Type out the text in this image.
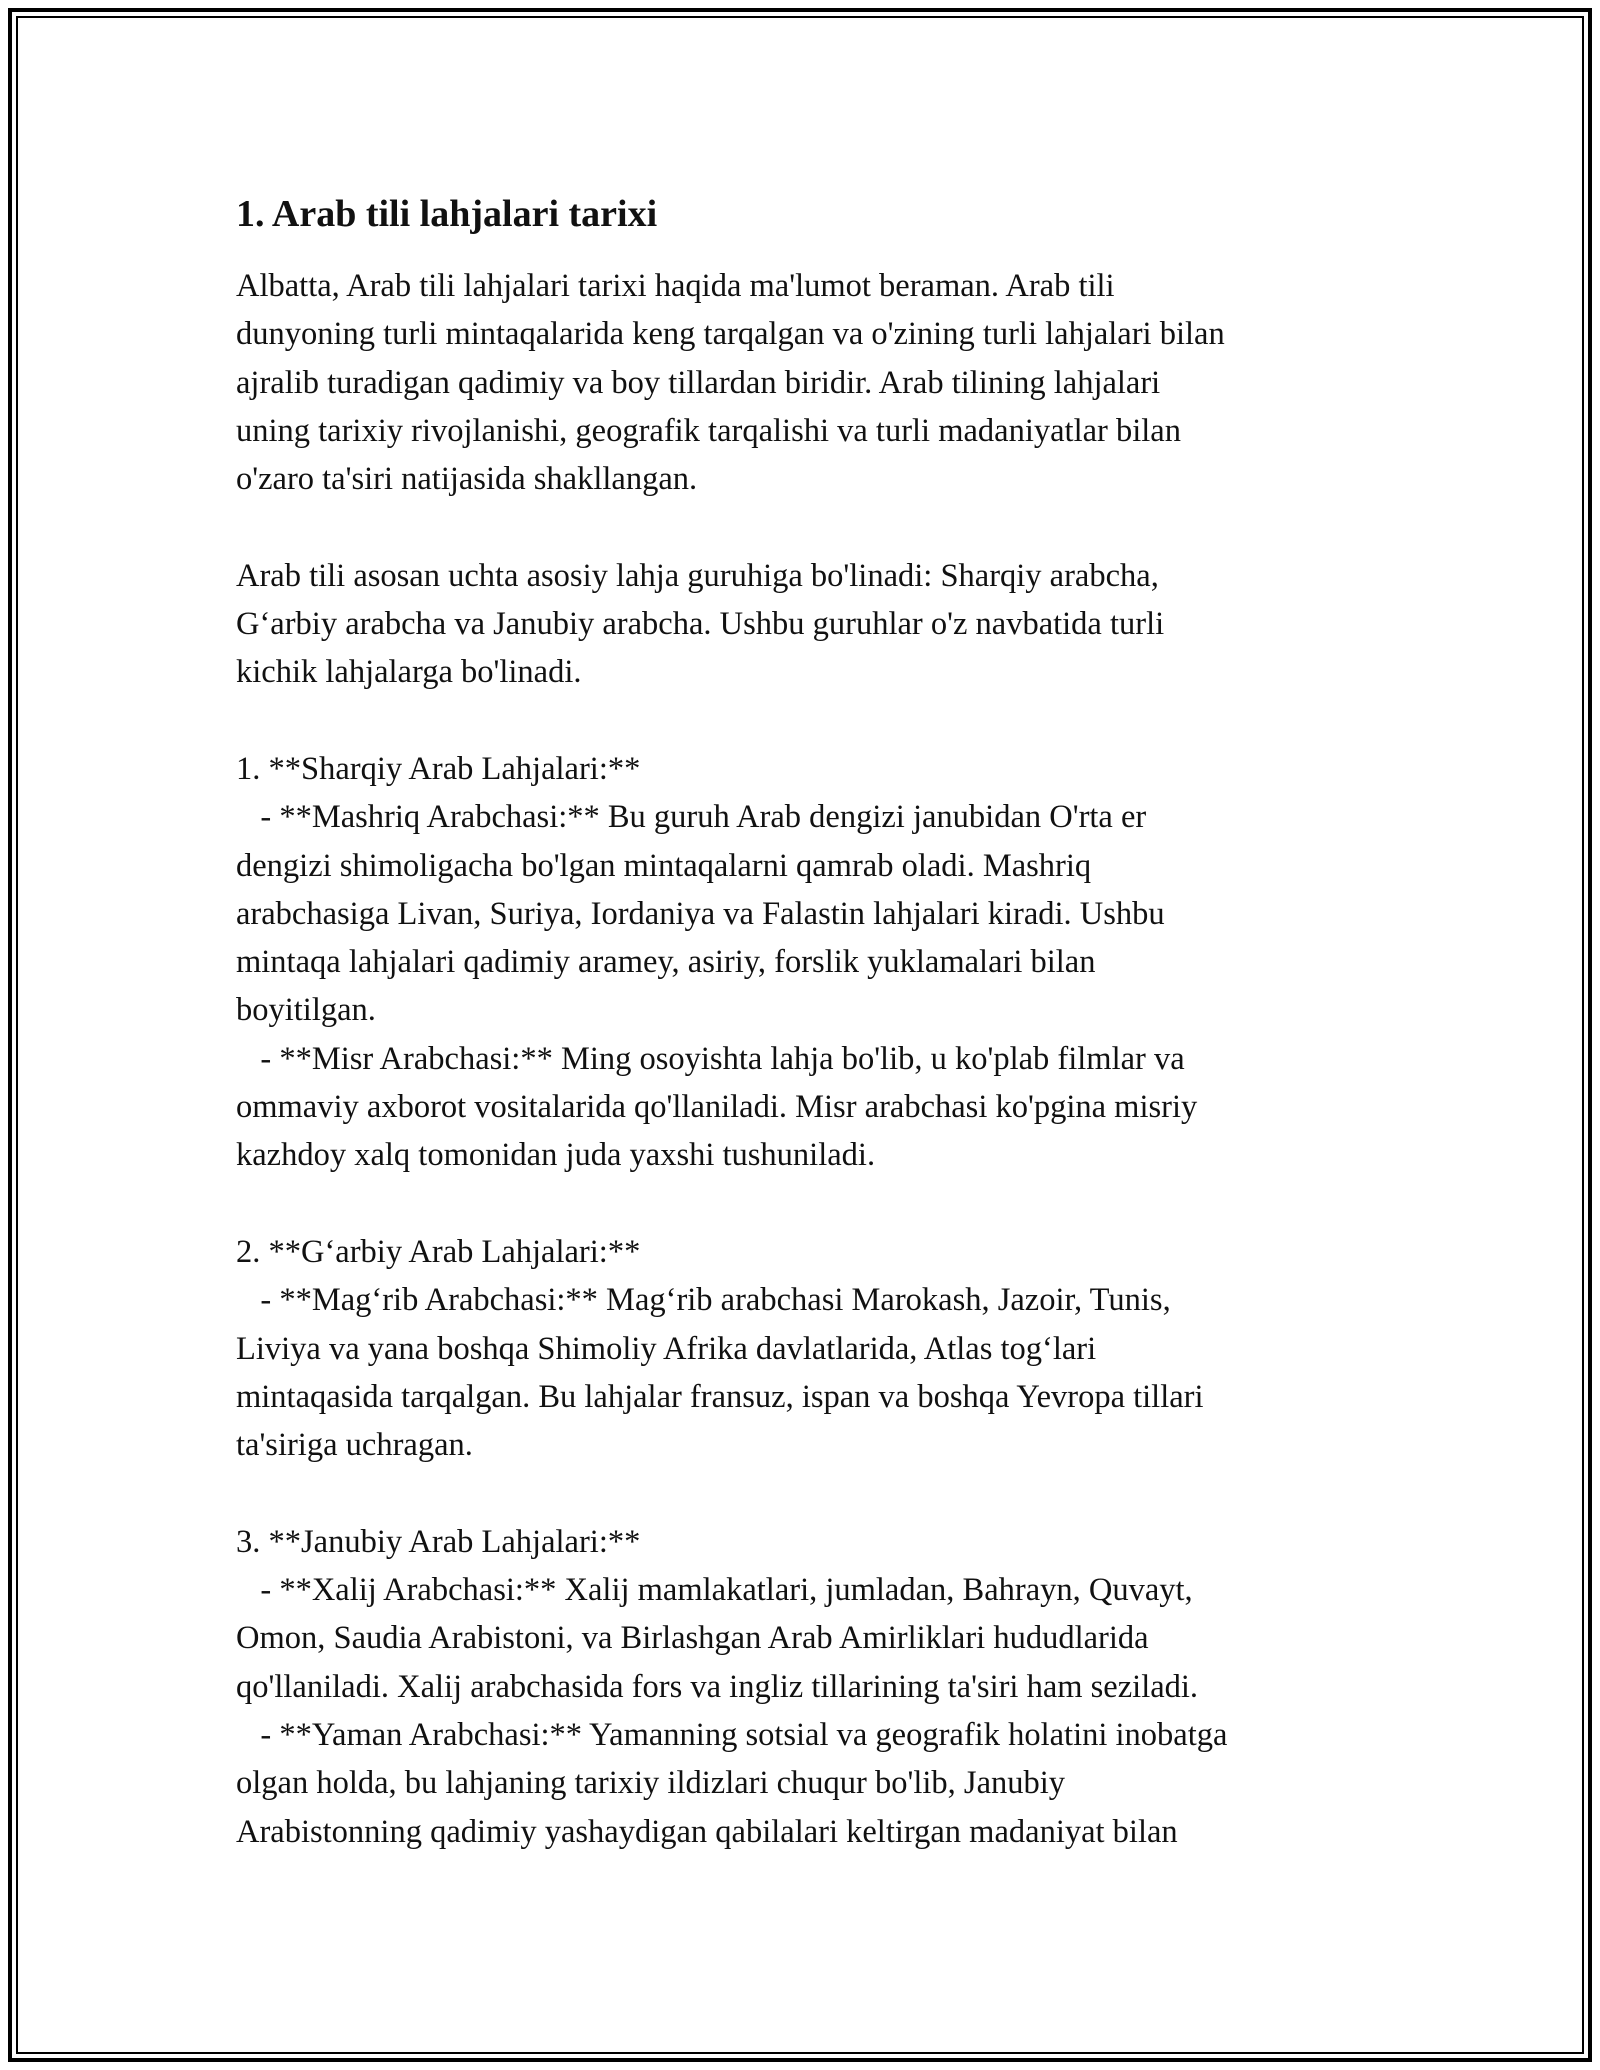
1. Arab tili lahjalari tarixi
Albatta, Arab tili lahjalari tarixi haqida ma'lumot beraman. Arab tili
dunyoning turli mintaqalarida keng tarqalgan va o'zining turli lahjalari bilan
ajralib turadigan qadimiy va boy tillardan biridir. Arab tilining lahjalari
uning tarixiy rivojlanishi, geografik tarqalishi va turli madaniyatlar bilan
o'zaro ta'siri natijasida shakllangan.
Arab tili asosan uchta asosiy lahja guruhiga bo'linadi: Sharqiy arabcha,
G‘arbiy arabcha va Janubiy arabcha. Ushbu guruhlar o'z navbatida turli
kichik lahjalarga bo'linadi.
1. **Sharqiy Arab Lahjalari:**
- **Mashriq Arabchasi:** Bu guruh Arab dengizi janubidan O'rta er
dengizi shimoligacha bo'lgan mintaqalarni qamrab oladi. Mashriq
arabchasiga Livan, Suriya, Iordaniya va Falastin lahjalari kiradi. Ushbu
mintaqa lahjalari qadimiy aramey, asiriy, forslik yuklamalari bilan
boyitilgan.
- **Misr Arabchasi:** Ming osoyishta lahja bo'lib, u ko'plab filmlar va
ommaviy axborot vositalarida qo'llaniladi. Misr arabchasi ko'pgina misriy
kazhdoy xalq tomonidan juda yaxshi tushuniladi.
2. **G‘arbiy Arab Lahjalari:**
- **Mag‘rib Arabchasi:** Mag‘rib arabchasi Marokash, Jazoir, Tunis,
Liviya va yana boshqa Shimoliy Afrika davlatlarida, Atlas tog‘lari
mintaqasida tarqalgan. Bu lahjalar fransuz, ispan va boshqa Yevropa tillari
ta'siriga uchragan.
3. **Janubiy Arab Lahjalari:**
- **Xalij Arabchasi:** Xalij mamlakatlari, jumladan, Bahrayn, Quvayt,
Omon, Saudia Arabistoni, va Birlashgan Arab Amirliklari hududlarida
qo'llaniladi. Xalij arabchasida fors va ingliz tillarining ta'siri ham seziladi.
- **Yaman Arabchasi:** Yamanning sotsial va geografik holatini inobatga
olgan holda, bu lahjaning tarixiy ildizlari chuqur bo'lib, Janubiy
Arabistonning qadimiy yashaydigan qabilalari keltirgan madaniyat bilan
